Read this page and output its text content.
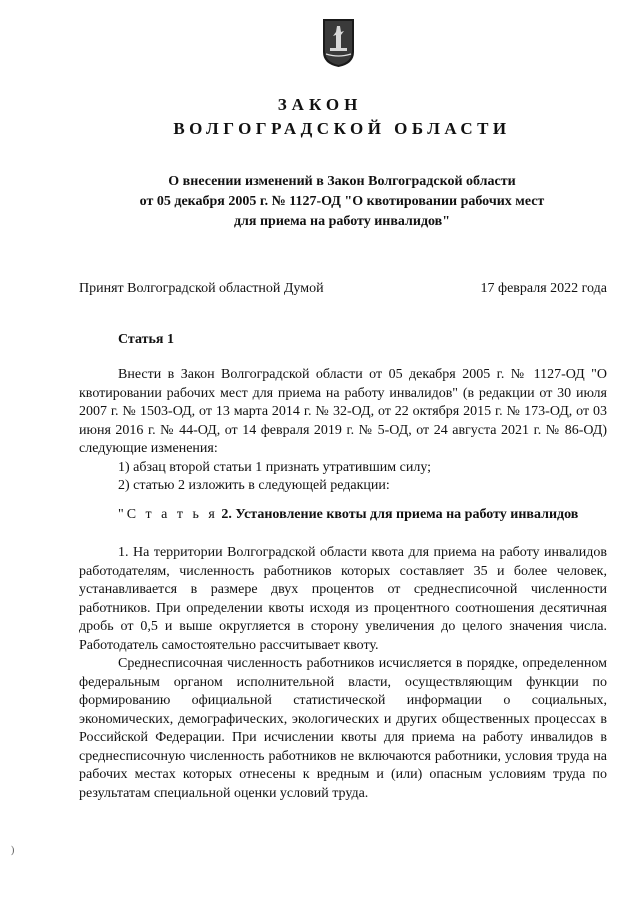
ЗАКОН
ВОЛГОГРАДСКОЙ ОБЛАСТИ
О внесении изменений в Закон Волгоградской области
от 05 декабря 2005 г. № 1127-ОД "О квотировании рабочих мест
для приема на работу инвалидов"
Принят Волгоградской областной Думой	17 февраля 2022 года
Статья 1

Внести в Закон Волгоградской области от 05 декабря 2005 г. № 1127-ОД "О квотировании рабочих мест для приема на работу инвалидов" (в редакции от 30 июля 2007 г. № 1503-ОД, от 13 марта 2014 г. № 32-ОД, от 22 октября 2015 г. № 173-ОД, от 03 июня 2016 г. № 44-ОД, от 14 февраля 2019 г. № 5-ОД, от 24 августа 2021 г. № 86-ОД) следующие изменения:

1) абзац второй статьи 1 признать утратившим силу;

2) статью 2 изложить в следующей редакции:

"С т а т ь я 2. Установление квоты для приема на работу инвалидов

1. На территории Волгоградской области квота для приема на работу инвалидов работодателям, численность работников которых составляет 35 и более человек, устанавливается в размере двух процентов от среднесписочной численности работников. При определении квоты исходя из процентного соотношения десятичная дробь от 0,5 и выше округляется в сторону увеличения до целого значения числа. Работодатель самостоятельно рассчитывает квоту.

Среднесписочная численность работников исчисляется в порядке, определенном федеральным органом исполнительной власти, осуществляющим функции по формированию официальной статистической информации о социальных, экономических, демографических, экологических и других общественных процессах в Российской Федерации. При исчислении квоты для приема на работу инвалидов в среднесписочную численность работников не включаются работники, условия труда на рабочих местах которых отнесены к вредным и (или) опасным условиям труда по результатам специальной оценки условий труда.

)
